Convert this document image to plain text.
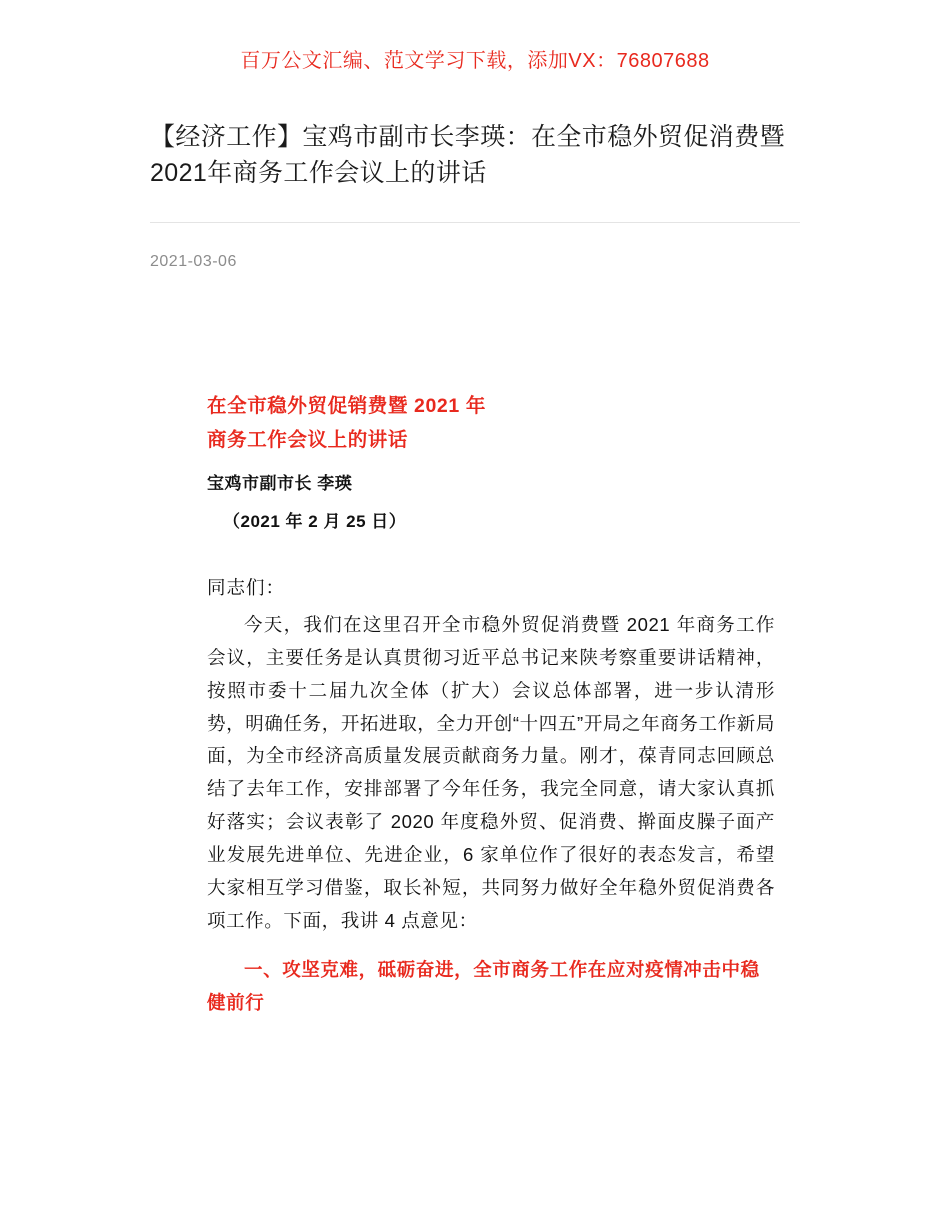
百万公文汇编、范文学习下载，添加VX：76807688
【经济工作】宝鸡市副市长李瑛：在全市稳外贸促消费暨2021年商务工作会议上的讲话
2021-03-06
在全市稳外贸促销费暨 2021 年
商务工作会议上的讲话
宝鸡市副市长 李瑛
（2021 年 2 月 25 日）
同志们：
今天，我们在这里召开全市稳外贸促消费暨 2021 年商务工作会议，主要任务是认真贯彻习近平总书记来陕考察重要讲话精神，按照市委十二届九次全体（扩大）会议总体部署，进一步认清形势，明确任务，开拓进取，全力开创“十四五”开局之年商务工作新局面，为全市经济高质量发展贡献商务力量。刚才，葆青同志回顾总结了去年工作，安排部署了今年任务，我完全同意，请大家认真抓好落实；会议表彰了 2020 年度稳外贸、促消费、擀面皮臊子面产业发展先进单位、先进企业，6 家单位作了很好的表态发言，希望大家相互学习借鉴，取长补短，共同努力做好全年稳外贸促消费各项工作。下面，我讲 4 点意见：
一、攻坚克难，砥砺奋进，全市商务工作在应对疫情冲击中稳健前行
